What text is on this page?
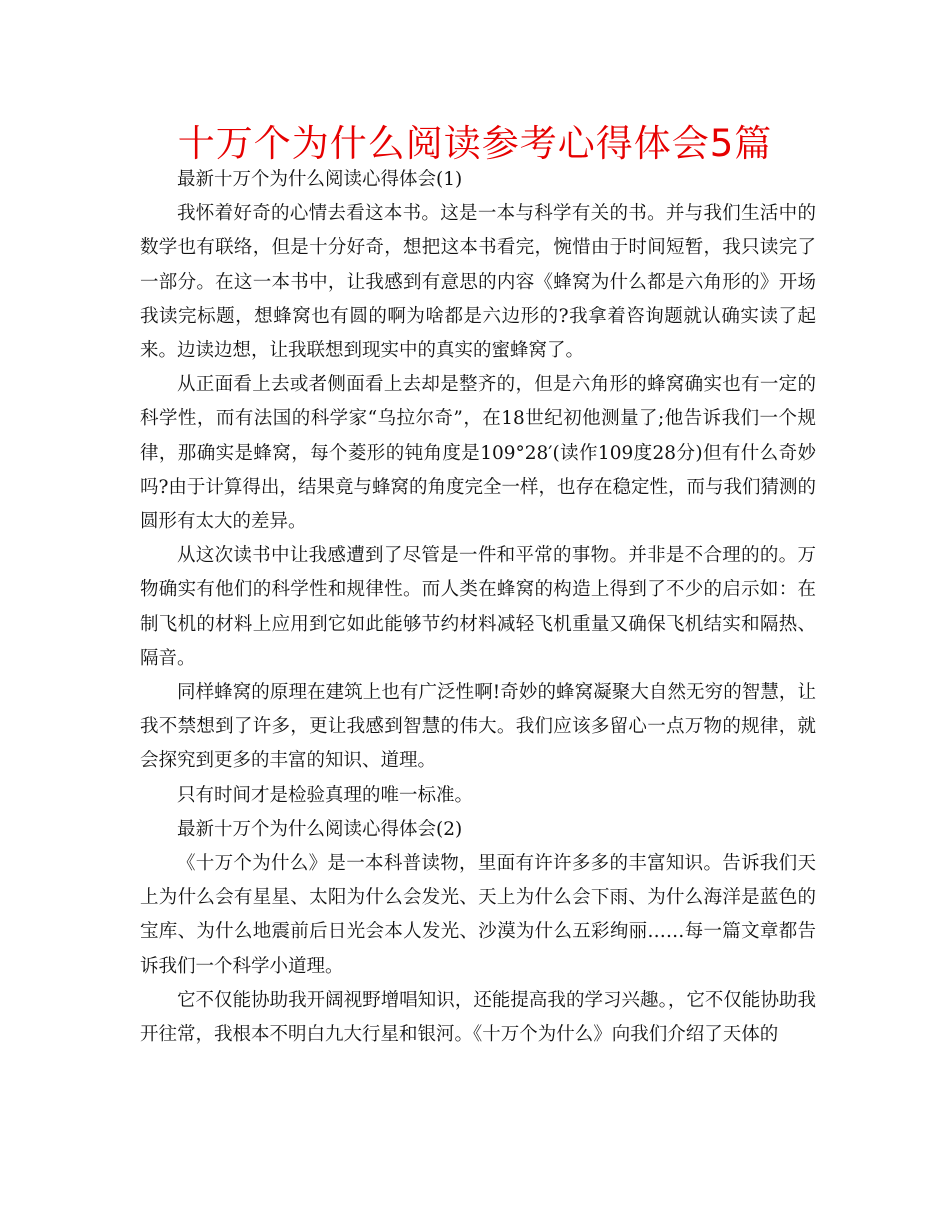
十万个为什么阅读参考心得体会5篇

最新十万个为什么阅读心得体会(1)

我怀着好奇的心情去看这本书。这是一本与科学有关的书。并与我们生活中的数学也有联络，但是十分好奇，想把这本书看完，惋惜由于时间短暂，我只读完了一部分。在这一本书中，让我感到有意思的内容《蜂窝为什么都是六角形的》开场我读完标题，想蜂窝也有圆的啊为啥都是六边形的?我拿着咨询题就认确实读了起来。边读边想，让我联想到现实中的真实的蜜蜂窝了。

从正面看上去或者侧面看上去却是整齐的，但是六角形的蜂窝确实也有一定的科学性，而有法国的科学家“乌拉尔奇”，在18世纪初他测量了;他告诉我们一个规律，那确实是蜂窝，每个菱形的钝角度是109°28′(读作109度28分)但有什么奇妙吗?由于计算得出，结果竟与蜂窝的角度完全一样，也存在稳定性，而与我们猜测的圆形有太大的差异。

从这次读书中让我感遭到了尽管是一件和平常的事物。并非是不合理的的。万物确实有他们的科学性和规律性。而人类在蜂窝的构造上得到了不少的启示如：在制飞机的材料上应用到它如此能够节约材料减轻飞机重量又确保飞机结实和隔热、隔音。

同样蜂窝的原理在建筑上也有广泛性啊!奇妙的蜂窝凝聚大自然无穷的智慧，让我不禁想到了许多，更让我感到智慧的伟大。我们应该多留心一点万物的规律，就会探究到更多的丰富的知识、道理。

只有时间才是检验真理的唯一标准。

最新十万个为什么阅读心得体会(2)

《十万个为什么》是一本科普读物，里面有许许多多的丰富知识。告诉我们天上为什么会有星星、太阳为什么会发光、天上为什么会下雨、为什么海洋是蓝色的宝库、为什么地震前后日光会本人发光、沙漠为什么五彩绚丽……每一篇文章都告诉我们一个科学小道理。

它不仅能协助我开阔视野增唱知识，还能提高我的学习兴趣。，它不仅能协助我开往常，我根本不明白九大行星和银河。《十万个为什么》向我们介绍了天体的
